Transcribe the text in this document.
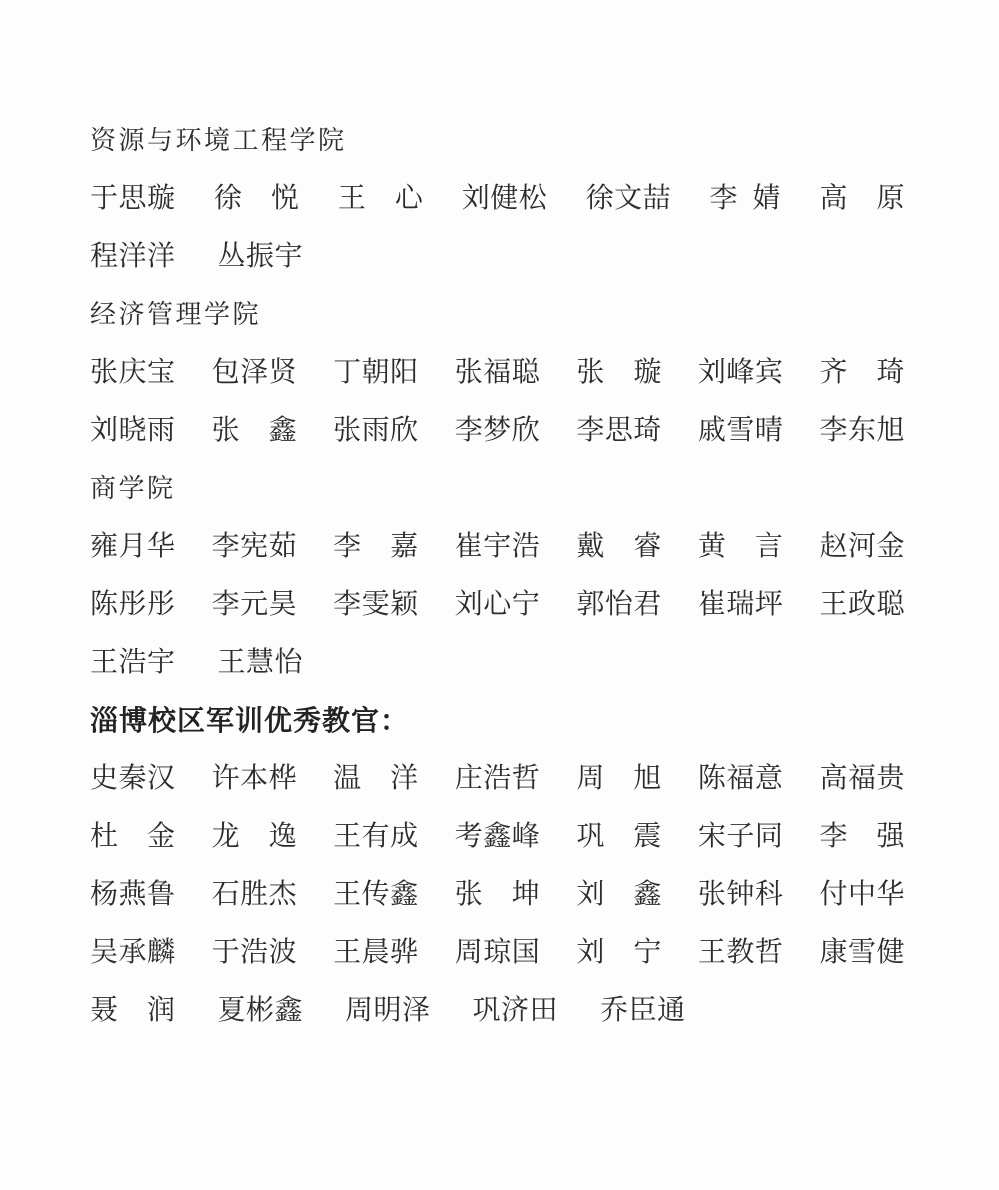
资源与环境工程学院
于思璇 徐　悦 王　心 刘健松 徐文喆 李 婧 高　原
程洋洋 丛振宇
经济管理学院
张庆宝 包泽贤 丁朝阳 张福聪 张　璇 刘峰宾 齐　琦
刘晓雨 张　鑫 张雨欣 李梦欣 李思琦 戚雪晴 李东旭
商学院
雍月华 李宪茹 李　嘉 崔宇浩 戴　睿 黄　言 赵河金
陈彤彤 李元昊 李雯颖 刘心宁 郭怡君 崔瑞坪 王政聪
王浩宇 王慧怡
淄博校区军训优秀教官：
史秦汉 许本桦 温　洋 庄浩哲 周　旭 陈福意 高福贵
杜　金 龙　逸 王有成 考鑫峰 巩　震 宋子同 李　强
杨燕鲁 石胜杰 王传鑫 张　坤 刘　鑫 张钟科 付中华
吴承麟 于浩波 王晨骅 周琼国 刘　宁 王教哲 康雪健
聂　润 夏彬鑫 周明泽 巩济田 乔臣通
